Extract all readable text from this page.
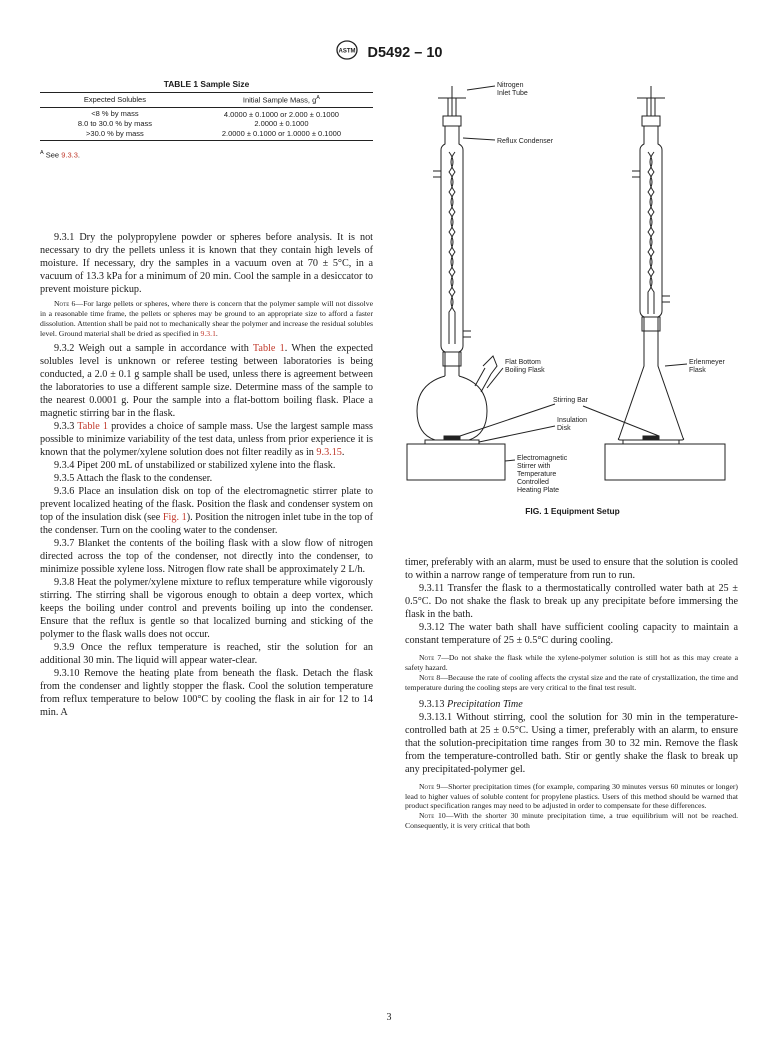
ASTM D5492 – 10
TABLE 1 Sample Size
Expected Solubles	Initial Sample Mass, $g^A$
<8 % by mass	4.0000 ± 0.1000 or 2.000 ± 0.1000
8.0 to 30.0 % by mass	2.0000 ± 0.1000
>30.0 % by mass	2.0000 ± 0.1000 or 1.0000 ± 0.1000
$^A$ See 9.3.3.

9.3.1 Dry the polypropylene powder or spheres before analysis. It is not necessary to dry the pellets unless it is known that they contain high levels of moisture. If necessary, dry the samples in a vacuum oven at 70 ± 5°C, in a vacuum of 13.3 kPa for a minimum of 20 min. Cool the sample in a desiccator to prevent moisture pickup.

Note 6—For large pellets or spheres, where there is concern that the polymer sample will not dissolve in a reasonable time frame, the pellets or spheres may be ground to an appropriate size to afford a faster dissolution. Attention shall be paid not to mechanically shear the polymer and increase the residual solubles level. Ground material shall be dried as specified in 9.3.1.

9.3.2 Weigh out a sample in accordance with Table 1. When the expected solubles level is unknown or referee testing between laboratories is being conducted, a 2.0 ± 0.1 g sample shall be used, unless there is agreement between the laboratories to use a different sample size. Determine mass of the sample to the nearest 0.0001 g. Pour the sample into a flat-bottom boiling flask. Place a magnetic stirring bar in the flask.

9.3.3 Table 1 provides a choice of sample mass. Use the largest sample mass possible to minimize variability of the test data, unless from prior experience it is known that the polymer/xylene solution does not filter readily as in 9.3.15.

9.3.4 Pipet 200 mL of unstabilized or stabilized xylene into the flask.

9.3.5 Attach the flask to the condenser.

9.3.6 Place an insulation disk on top of the electromagnetic stirrer plate to prevent localized heating of the flask. Position the flask and condenser system on top of the insulation disk (see Fig. 1). Position the nitrogen inlet tube in the top of the condenser. Turn on the cooling water to the condenser.

9.3.7 Blanket the contents of the boiling flask with a slow flow of nitrogen directed across the top of the condenser, not directly into the condenser, to minimize possible xylene loss. Nitrogen flow rate shall be approximately 2 L/h.

9.3.8 Heat the polymer/xylene mixture to reflux temperature while vigorously stirring. The stirring shall be vigorous enough to obtain a deep vortex, which keeps the boiling under control and prevents boiling up into the condenser. Ensure that the reflux is gentle so that localized burning and sticking of the polymer to the flask walls does not occur.

9.3.9 Once the reflux temperature is reached, stir the solution for an additional 30 min. The liquid will appear water-clear.

9.3.10 Remove the heating plate from beneath the flask. Detach the flask from the condenser and lightly stopper the flask. Cool the solution temperature from reflux temperature to below 100°C by cooling the flask in air for 12 to 14 min. A

Nitrogen
Inlet Tube
Reflux Condenser
Flat Bottom
Boiling Flask
Erlenmeyer
Flask
Stirring Bar
Insulation
Disk
Electromagnetic
Stirrer with
Temperature
Controlled
Heating Plate
FIG. 1 Equipment Setup

timer, preferably with an alarm, must be used to ensure that the solution is cooled to within a narrow range of temperature from run to run.

9.3.11 Transfer the flask to a thermostatically controlled water bath at 25 ± 0.5°C. Do not shake the flask to break up any precipitate before immersing the flask in the bath.

9.3.12 The water bath shall have sufficient cooling capacity to maintain a constant temperature of 25 ± 0.5°C during cooling.

Note 7—Do not shake the flask while the xylene-polymer solution is still hot as this may create a safety hazard.

Note 8—Because the rate of cooling affects the crystal size and the rate of crystallization, the time and temperature during the cooling steps are very critical to the final test result.

9.3.13 Precipitation Time

9.3.13.1 Without stirring, cool the solution for 30 min in the temperature-controlled bath at 25 ± 0.5°C. Using a timer, preferably with an alarm, to ensure that the solution-precipitation time ranges from 30 to 32 min. Remove the flask from the temperature-controlled bath. Stir or gently shake the flask to break up any precipitated-polymer gel.

Note 9—Shorter precipitation times (for example, comparing 30 minutes versus 60 minutes or longer) lead to higher values of soluble content for propylene plastics. Users of this method should be warned that product specification ranges may need to be adjusted in order to compensate for these differences.

Note 10—With the shorter 30 minute precipitation time, a true equilibrium will not be reached. Consequently, it is very critical that both

3
